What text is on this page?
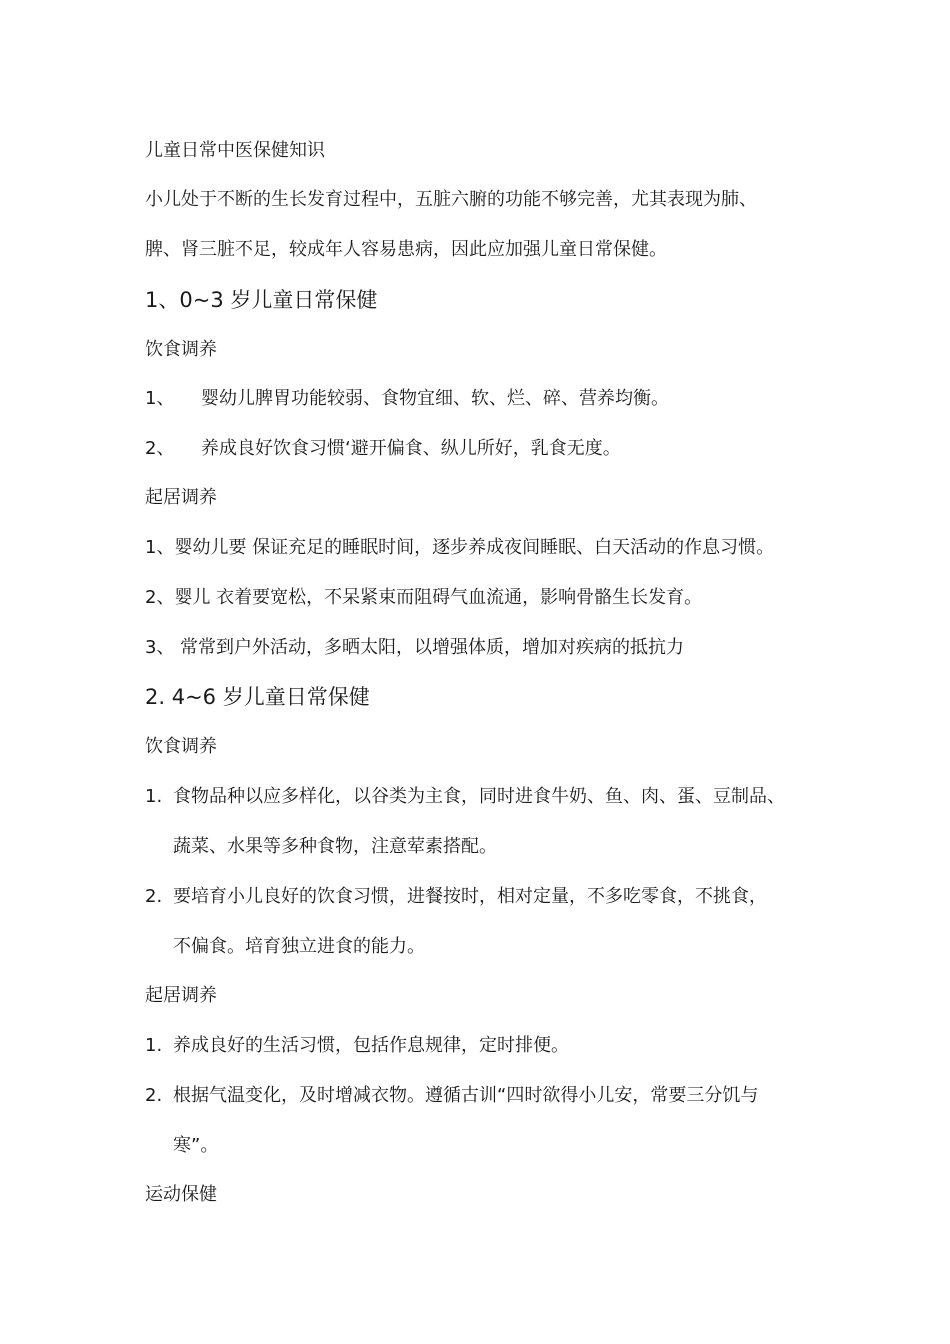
儿童日常中医保健知识
小儿处于不断的生长发育过程中，五脏六腑的功能不够完善，尤其表现为肺、
脾、肾三脏不足，较成年人容易患病，因此应加强儿童日常保健。
1、0~3 岁儿童日常保健
饮食调养
1、 婴幼儿脾胃功能较弱、食物宜细、软、烂、碎、营养均衡。
2、 养成良好饮食习惯‘避开偏食、纵儿所好，乳食无度。
起居调养
1、婴幼儿要 保证充足的睡眠时间，逐步养成夜间睡眠、白天活动的作息习惯。
2、婴儿 衣着要宽松，不呆紧束而阻碍气血流通，影响骨骼生长发育。
3、 常常到户外活动，多晒太阳，以增强体质，增加对疾病的抵抗力
2. 4~6 岁儿童日常保健
饮食调养
1. 食物品种以应多样化，以谷类为主食，同时进食牛奶、鱼、肉、蛋、豆制品、
蔬菜、水果等多种食物，注意荤素搭配。
2. 要培育小儿良好的饮食习惯，进餐按时，相对定量，不多吃零食，不挑食，
不偏食。培育独立进食的能力。
起居调养
1. 养成良好的生活习惯，包括作息规律，定时排便。
2. 根据气温变化，及时增减衣物。遵循古训“四时欲得小儿安，常要三分饥与
寒”。
运动保健
